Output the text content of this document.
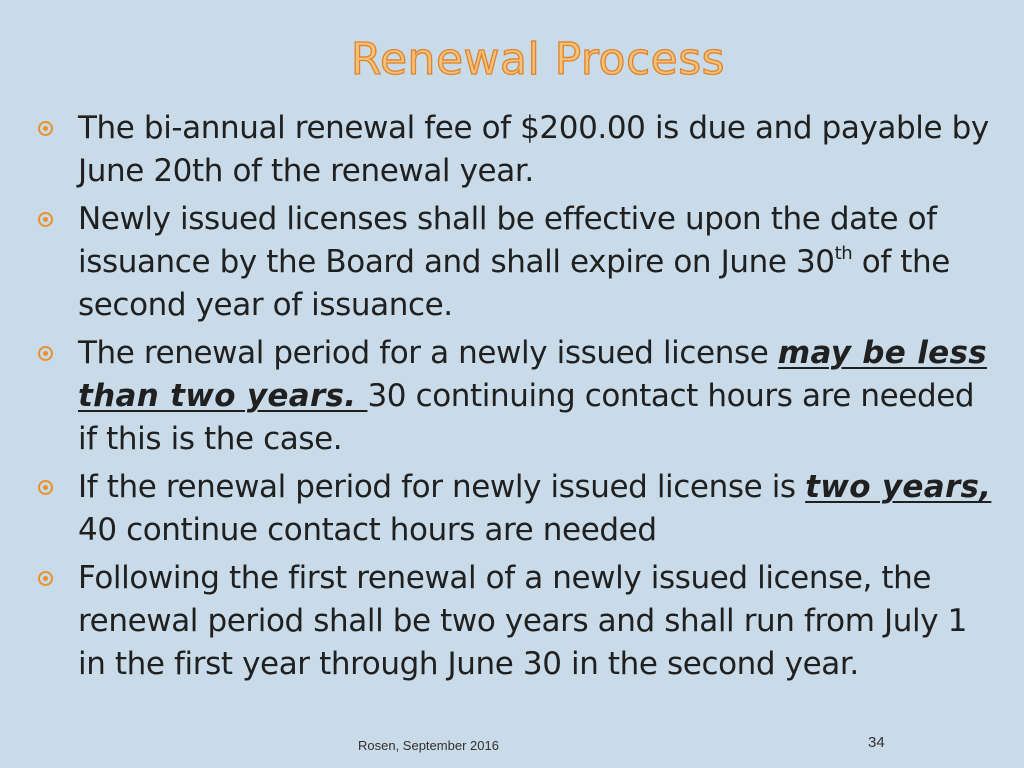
Renewal Process
The bi-annual renewal fee of $200.00 is due and payable by June 20th of the renewal year.
Newly issued licenses shall be effective upon the date of issuance by the Board and shall expire on June 30th of the second year of issuance.
The renewal period for a newly issued license may be less than two years. 30 continuing contact hours are needed if this is the case.
If the renewal period for newly issued license is two years, 40 continue contact hours are needed
Following the first renewal of a newly issued license, the renewal period shall be two years and shall run from July 1 in the first year through June 30 in the second year.
Rosen, September 2016	34
